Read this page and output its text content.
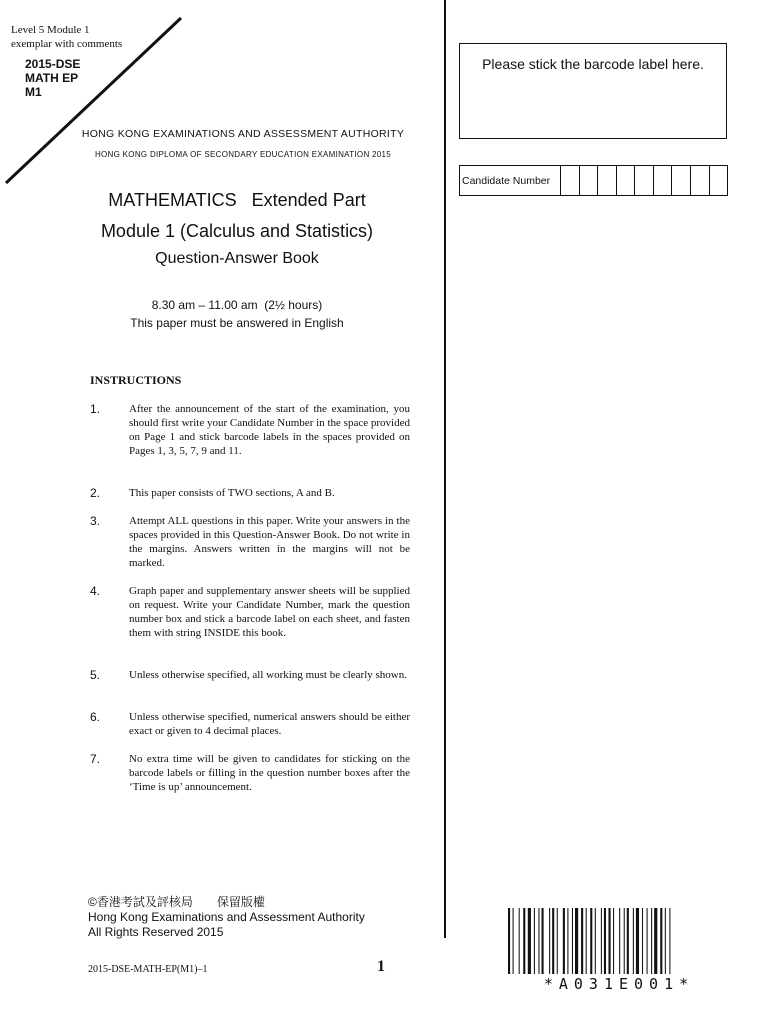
Level 5 Module 1
exemplar with comments
2015-DSE
MATH EP
M1
HONG KONG EXAMINATIONS AND ASSESSMENT AUTHORITY
HONG KONG DIPLOMA OF SECONDARY EDUCATION EXAMINATION 2015
MATHEMATICS   Extended Part
Module 1 (Calculus and Statistics)
Question-Answer Book
8.30 am – 11.00 am  (2½ hours)
This paper must be answered in English
INSTRUCTIONS
1.	After the announcement of the start of the examination, you should first write your Candidate Number in the space provided on Page 1 and stick barcode labels in the spaces provided on Pages 1, 3, 5, 7, 9 and 11.
2.	This paper consists of TWO sections, A and B.
3.	Attempt ALL questions in this paper. Write your answers in the spaces provided in this Question-Answer Book. Do not write in the margins. Answers written in the margins will not be marked.
4.	Graph paper and supplementary answer sheets will be supplied on request. Write your Candidate Number, mark the question number box and stick a barcode label on each sheet, and fasten them with string INSIDE this book.
5.	Unless otherwise specified, all working must be clearly shown.
6.	Unless otherwise specified, numerical answers should be either exact or given to 4 decimal places.
7.	No extra time will be given to candidates for sticking on the barcode labels or filling in the question number boxes after the ‘Time is up’ announcement.
©香港考試及評核局　　保留版權
Hong Kong Examinations and Assessment Authority
All Rights Reserved 2015
2015-DSE-MATH-EP(M1)–1	1
Please stick the barcode label here.
Candidate Number
*A031E001*
